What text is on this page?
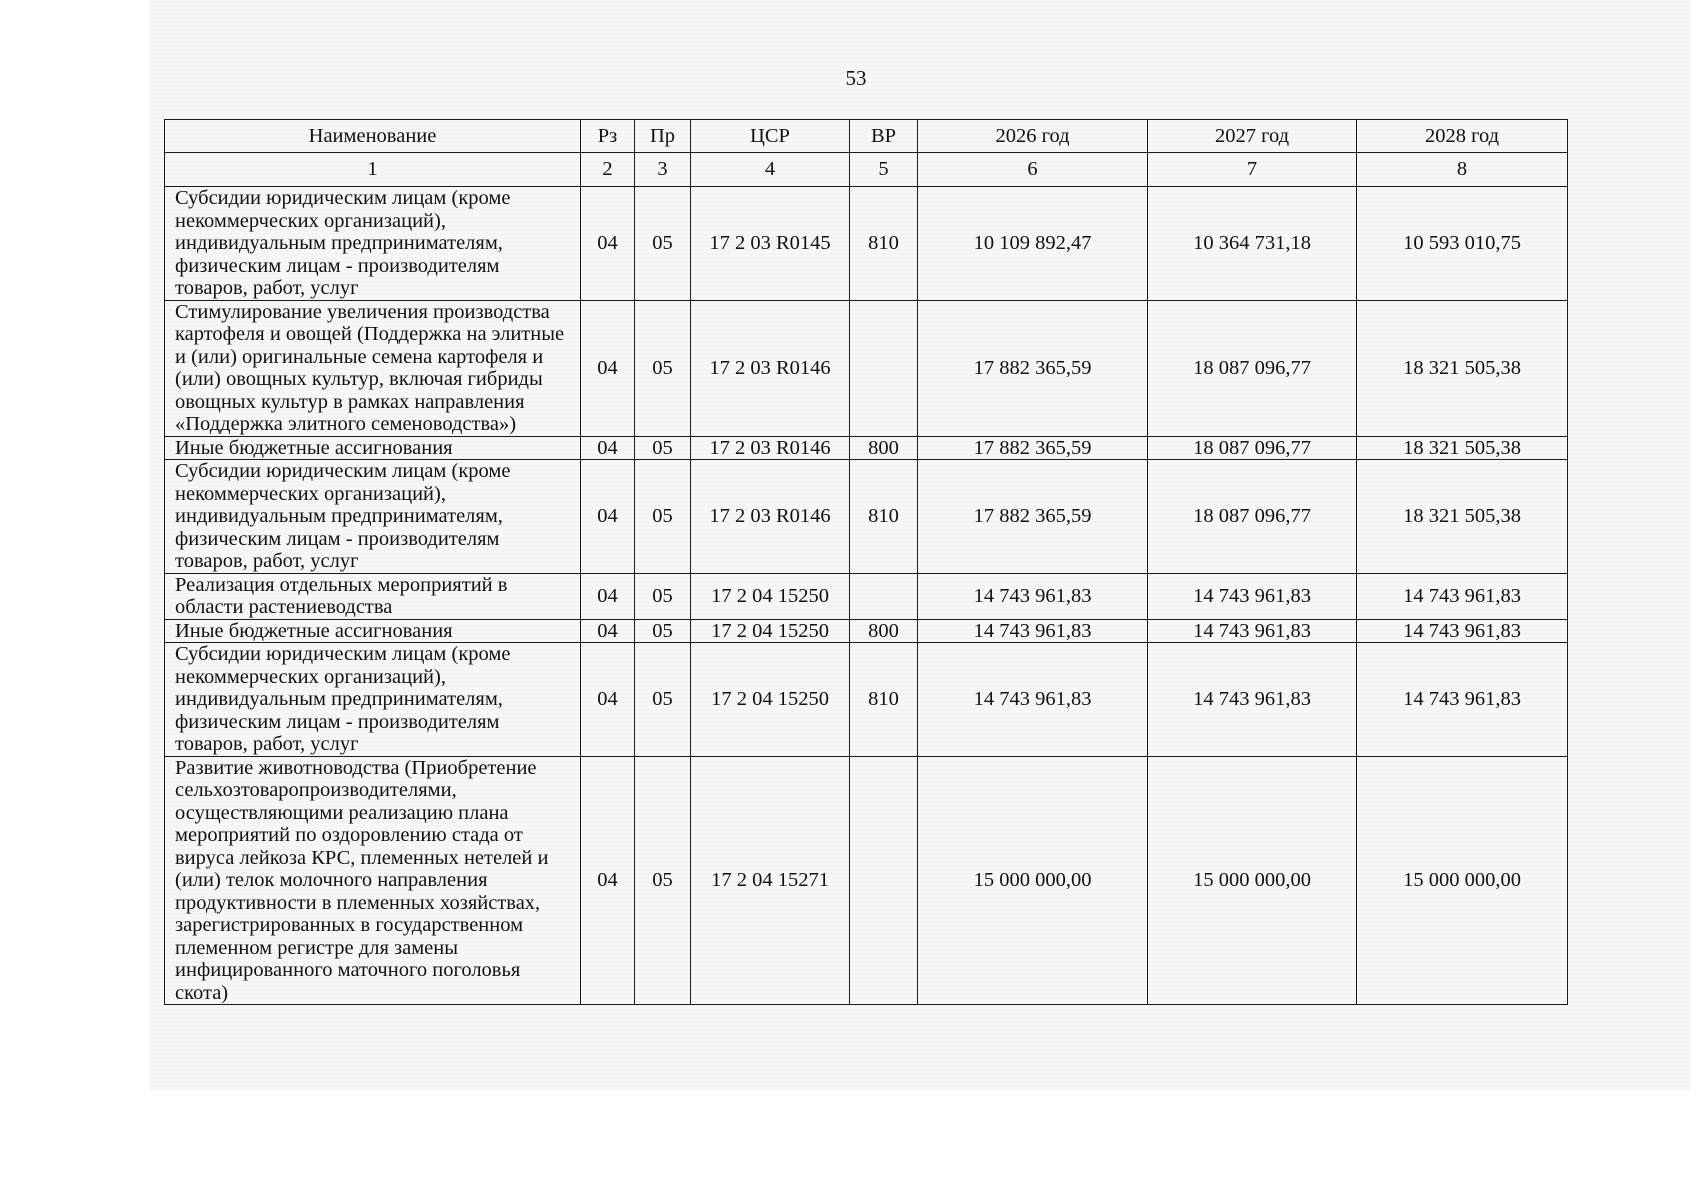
53
Наименование	Рз	Пр	ЦСР	ВР	2026 год	2027 год	2028 год
1	2	3	4	5	6	7	8
Субсидии юридическим лицам (кроме некоммерческих организаций), индивидуальным предпринимателям, физическим лицам - производителям товаров, работ, услуг	04	05	17 2 03 R0145	810	10 109 892,47	10 364 731,18	10 593 010,75
Стимулирование увеличения производства картофеля и овощей (Поддержка на элитные и (или) оригинальные семена картофеля и (или) овощных культур, включая гибриды овощных культур в рамках направления «Поддержка элитного семеноводства»)	04	05	17 2 03 R0146		17 882 365,59	18 087 096,77	18 321 505,38
Иные бюджетные ассигнования	04	05	17 2 03 R0146	800	17 882 365,59	18 087 096,77	18 321 505,38
Субсидии юридическим лицам (кроме некоммерческих организаций), индивидуальным предпринимателям, физическим лицам - производителям товаров, работ, услуг	04	05	17 2 03 R0146	810	17 882 365,59	18 087 096,77	18 321 505,38
Реализация отдельных мероприятий в области растениеводства	04	05	17 2 04 15250		14 743 961,83	14 743 961,83	14 743 961,83
Иные бюджетные ассигнования	04	05	17 2 04 15250	800	14 743 961,83	14 743 961,83	14 743 961,83
Субсидии юридическим лицам (кроме некоммерческих организаций), индивидуальным предпринимателям, физическим лицам - производителям товаров, работ, услуг	04	05	17 2 04 15250	810	14 743 961,83	14 743 961,83	14 743 961,83
Развитие животноводства (Приобретение сельхозтоваропроизводителями, осуществляющими реализацию плана мероприятий по оздоровлению стада от вируса лейкоза КРС, племенных нетелей и (или) телок молочного направления продуктивности в племенных хозяйствах, зарегистрированных в государственном племенном регистре для замены инфицированного маточного поголовья скота)	04	05	17 2 04 15271		15 000 000,00	15 000 000,00	15 000 000,00
